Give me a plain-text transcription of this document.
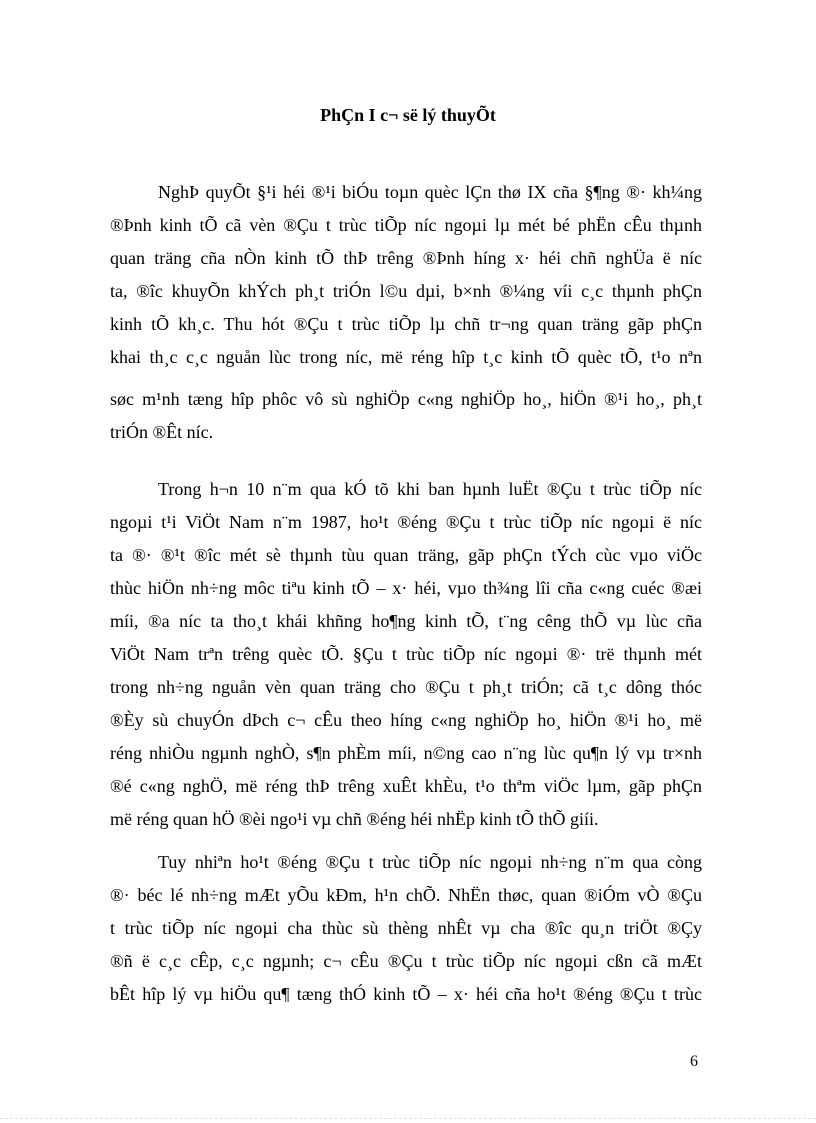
PhÇn I c¬ së lý thuyÕt
NghÞ quyÕt §¹i héi ®¹i biÓu toµn quèc lÇn thø IX cña §¶ng ®· kh¼ng
®Þnh kinh tÕ cã vèn ®Çu t trùc tiÕp níc ngoµi lµ mét bé phËn cÊu thµnh
quan träng cña nÒn kinh tÕ thÞ trêng ®Þnh híng x· héi chñ nghÜa ë níc
ta, ®îc khuyÕn khÝch ph¸t triÓn l©u dµi, b×nh ®¼ng víi c¸c thµnh phÇn
kinh tÕ kh¸c. Thu hót ®Çu t trùc tiÕp lµ chñ tr¬ng quan träng gãp phÇn
khai th¸c c¸c nguån lùc trong níc, më réng hîp t¸c kinh tÕ quèc tÕ, t¹o nªn
søc m¹nh tæng hîp phôc vô sù nghiÖp c«ng nghiÖp ho¸, hiÖn ®¹i ho¸, ph¸t
triÓn ®Êt níc.
Trong h¬n 10 n¨m qua kÓ tõ khi ban hµnh luËt ®Çu t trùc tiÕp níc
ngoµi t¹i ViÖt Nam n¨m 1987, ho¹t ®éng ®Çu t trùc tiÕp níc ngoµi ë níc
ta ®· ®¹t ®îc mét sè thµnh tùu quan träng, gãp phÇn tÝch cùc vµo viÖc
thùc hiÖn nh÷ng môc tiªu kinh tÕ – x· héi, vµo th¾ng lîi cña c«ng cuéc ®æi
míi, ®a níc ta tho¸t khái khñng ho¶ng kinh tÕ, t¨ng cêng thÕ vµ lùc cña
ViÖt Nam trªn trêng quèc tÕ. §Çu t trùc tiÕp níc ngoµi ®· trë thµnh mét
trong nh÷ng nguån vèn quan träng cho ®Çu t ph¸t triÓn; cã t¸c dông thóc
®Èy sù chuyÓn dÞch c¬ cÊu theo híng c«ng nghiÖp ho¸ hiÖn ®¹i ho¸ më
réng nhiÒu ngµnh nghÒ, s¶n phÈm míi, n©ng cao n¨ng lùc qu¶n lý vµ tr×nh
®é c«ng nghÖ, më réng thÞ trêng xuÊt khÈu, t¹o thªm viÖc lµm, gãp phÇn
më réng quan hÖ ®èi ngo¹i vµ chñ ®éng héi nhËp kinh tÕ thÕ giíi.
Tuy nhiªn ho¹t ®éng ®Çu t trùc tiÕp níc ngoµi nh÷ng n¨m qua còng
®· béc lé nh÷ng mÆt yÕu kÐm, h¹n chÕ. NhËn thøc, quan ®iÓm vÒ ®Çu
t trùc tiÕp níc ngoµi cha thùc sù thèng nhÊt vµ cha ®îc qu¸n triÖt ®Çy
®ñ ë c¸c cÊp, c¸c ngµnh; c¬ cÊu ®Çu t trùc tiÕp níc ngoµi cßn cã mÆt
bÊt hîp lý vµ hiÖu qu¶ tæng thÓ kinh tÕ – x· héi cña ho¹t ®éng ®Çu t trùc
6
